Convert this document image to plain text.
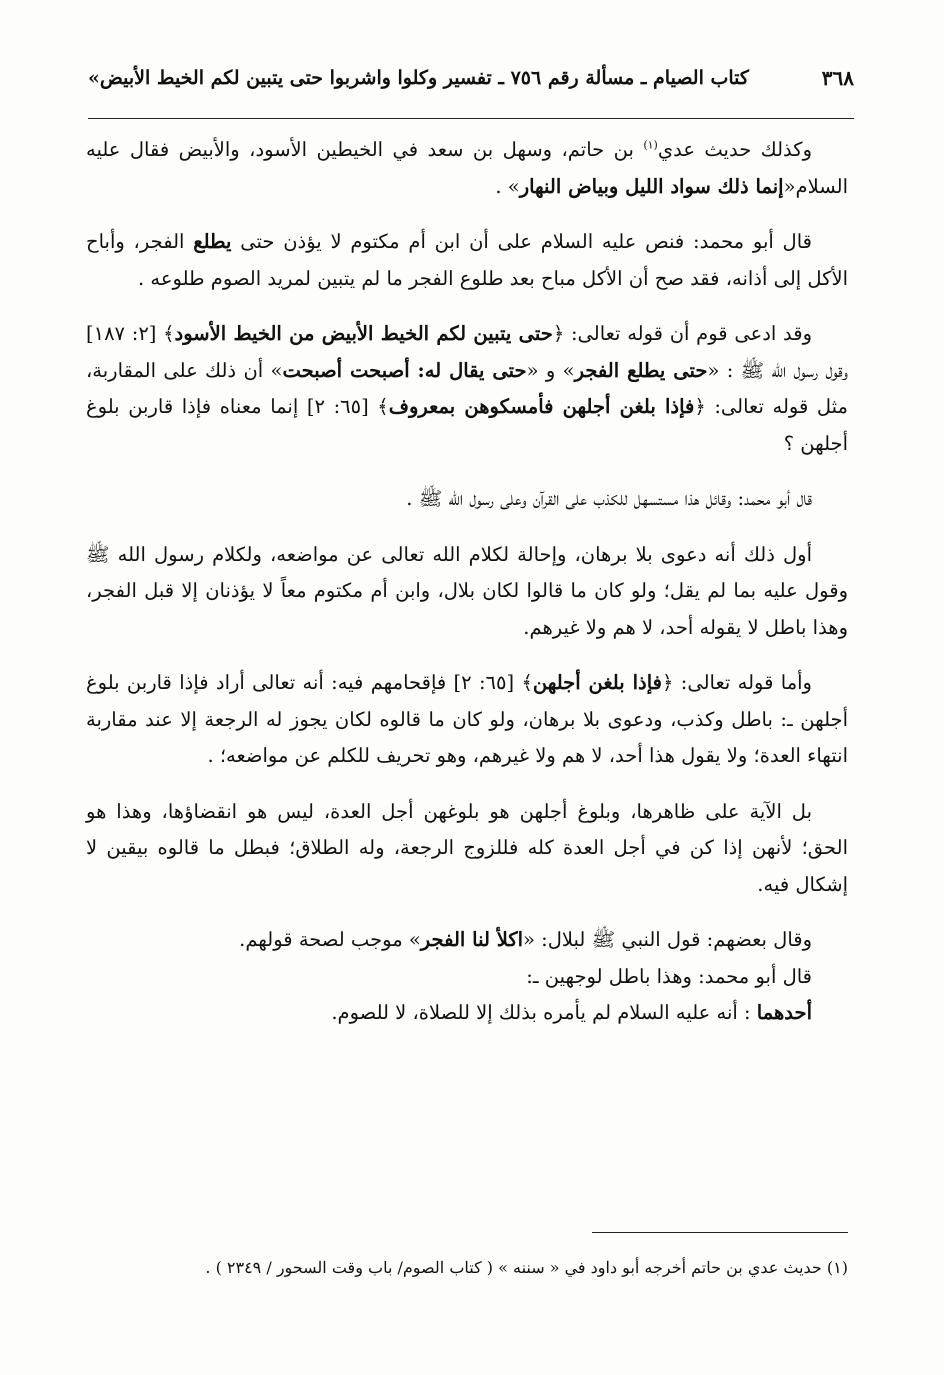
٣٦٨
كتاب الصيام ـ مسألة رقم ٧٥٦ ـ تفسير وكلوا واشربوا حتى يتبين لكم الخيط الأبيض»

وكذلك حديث عدي$^{(١)}$ بن حاتم، وسهل بن سعد في الخيطين الأسود، والأبيض فقال عليه السلام«إنما ذلك سواد الليل وبياض النهار» .

قال أبو محمد: فنص عليه السلام على أن ابن أم مكتوم لا يؤذن حتى يطلع الفجر، وأباح الأكل إلى أذانه، فقد صح أن الأكل مباح بعد طلوع الفجر ما لم يتبين لمريد الصوم طلوعه .

وقد ادعى قوم أن قوله تعالى: ﴿حتى يتبين لكم الخيط الأبيض من الخيط الأسود﴾ [٢: ١٨٧] وقول رسول الله ﷺ : «حتى يطلع الفجر» و «حتى يقال له: أصبحت أصبحت» أن ذلك على المقاربة، مثل قوله تعالى: ﴿فإذا بلغن أجلهن فأمسكوهن بمعروف﴾ [٦٥: ٢] إنما معناه فإذا قاربن بلوغ أجلهن ؟

قال أبو محمد: وقائل هذا مستسهل للكذب على القرآن وعلى رسول الله ﷺ .

أول ذلك أنه دعوى بلا برهان، وإحالة لكلام الله تعالى عن مواضعه، ولكلام رسول الله ﷺ وقول عليه بما لم يقل؛ ولو كان ما قالوا لكان بلال، وابن أم مكتوم معاً لا يؤذنان إلا قبل الفجر، وهذا باطل لا يقوله أحد، لا هم ولا غيرهم.

وأما قوله تعالى: ﴿فإذا بلغن أجلهن﴾ [٦٥: ٢] فإقحامهم فيه: أنه تعالى أراد فإذا قاربن بلوغ أجلهن ـ: باطل وكذب، ودعوى بلا برهان، ولو كان ما قالوه لكان يجوز له الرجعة إلا عند مقاربة انتهاء العدة؛ ولا يقول هذا أحد، لا هم ولا غيرهم، وهو تحريف للكلم عن مواضعه؛ .

بل الآية على ظاهرها، وبلوغ أجلهن هو بلوغهن أجل العدة، ليس هو انقضاؤها، وهذا هو الحق؛ لأنهن إذا كن في أجل العدة كله فللزوج الرجعة، وله الطلاق؛ فبطل ما قالوه بيقين لا إشكال فيه.

وقال بعضهم: قول النبي ﷺ لبلال: «اكلأ لنا الفجر» موجب لصحة قولهم.

قال أبو محمد: وهذا باطل لوجهين ـ:

أحدهما : أنه عليه السلام لم يأمره بذلك إلا للصلاة، لا للصوم.

(١) حديث عدي بن حاتم أخرجه أبو داود في « سننه » ( كتاب الصوم/ باب وقت السحور / ٢٣٤٩ ) .
